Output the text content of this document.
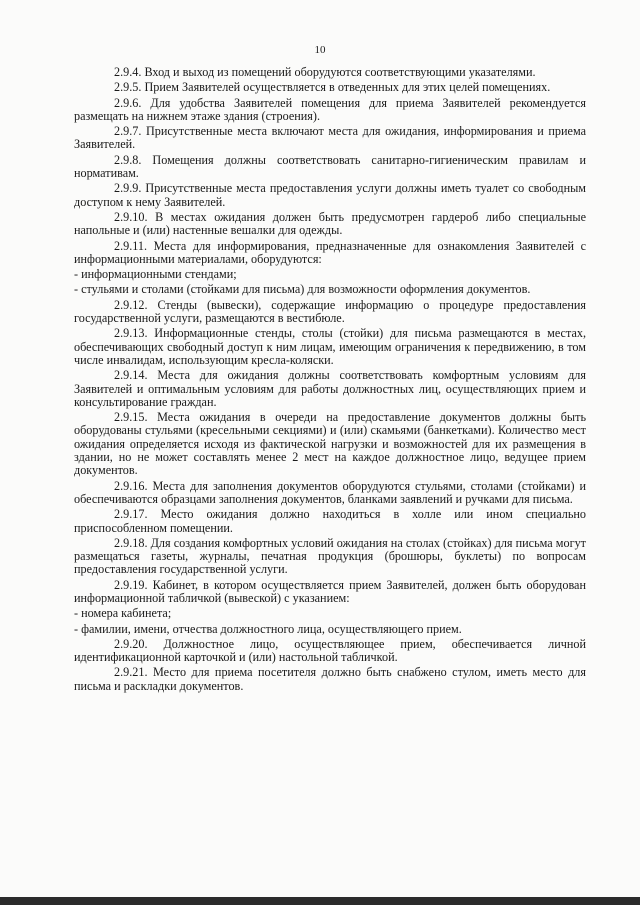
10

2.9.4. Вход и выход из помещений оборудуются соответствующими указателями.

2.9.5. Прием Заявителей осуществляется в отведенных для этих целей помещениях.

2.9.6. Для удобства Заявителей помещения для приема Заявителей рекомендуется размещать на нижнем этаже здания (строения).

2.9.7. Присутственные места включают места для ожидания, информирования и приема Заявителей.

2.9.8. Помещения должны соответствовать санитарно-гигиеническим правилам и нормативам.

2.9.9. Присутственные места предоставления услуги должны иметь туалет со свободным доступом к нему Заявителей.

2.9.10. В местах ожидания должен быть предусмотрен гардероб либо специальные напольные и (или) настенные вешалки для одежды.

2.9.11. Места для информирования, предназначенные для ознакомления Заявителей с информационными материалами, оборудуются:

- информационными стендами;

- стульями и столами (стойками для письма) для возможности оформления документов.

2.9.12. Стенды (вывески), содержащие информацию о процедуре предоставления государственной услуги, размещаются в вестибюле.

2.9.13. Информационные стенды, столы (стойки) для письма размещаются в местах, обеспечивающих свободный доступ к ним лицам, имеющим ограничения к передвижению, в том числе инвалидам, использующим кресла-коляски.

2.9.14. Места для ожидания должны соответствовать комфортным условиям для Заявителей и оптимальным условиям для работы должностных лиц, осуществляющих прием и консультирование граждан.

2.9.15. Места ожидания в очереди на предоставление документов должны быть оборудованы стульями (кресельными секциями) и (или) скамьями (банкетками). Количество мест ожидания определяется исходя из фактической нагрузки и возможностей для их размещения в здании, но не может составлять менее 2 мест на каждое должностное лицо, ведущее прием документов.

2.9.16. Места для заполнения документов оборудуются стульями, столами (стойками) и обеспечиваются образцами заполнения документов, бланками заявлений и ручками для письма.

2.9.17. Место ожидания должно находиться в холле или ином специально приспособленном помещении.

2.9.18. Для создания комфортных условий ожидания на столах (стойках) для письма могут размещаться газеты, журналы, печатная продукция (брошюры, буклеты) по вопросам предоставления государственной услуги.

2.9.19. Кабинет, в котором осуществляется прием Заявителей, должен быть оборудован информационной табличкой (вывеской) с указанием:

- номера кабинета;

- фамилии, имени, отчества должностного лица, осуществляющего прием.

2.9.20. Должностное лицо, осуществляющее прием, обеспечивается личной идентификационной карточкой и (или) настольной табличкой.

2.9.21. Место для приема посетителя должно быть снабжено стулом, иметь место для письма и раскладки документов.
